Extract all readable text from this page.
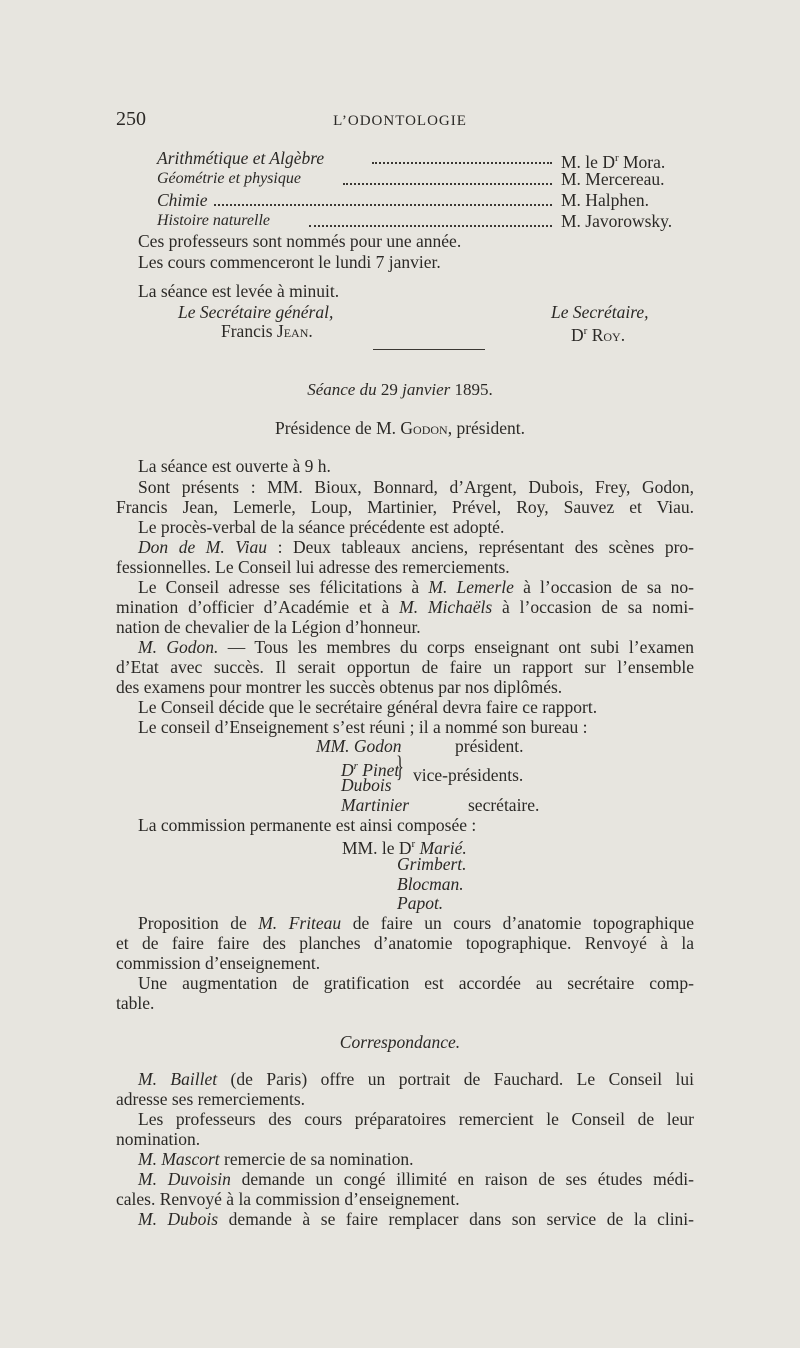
250	L’ODONTOLOGIE
Arithmétique et Algèbre	M. le $D^r$ Mora.
Géométrie et physique	M. Mercereau.
Chimie	M. Halphen.
Histoire naturelle	M. Javorowsky.
Ces professeurs sont nommés pour une année.
Les cours commenceront le lundi 7 janvier.
La séance est levée à minuit.
Le Secrétaire général,
Francis Jean.
Le Secrétaire,
$D^r$ Roy.
Séance du 29 janvier 1895.
Présidence de M. Godon, président.
La séance est ouverte à 9 h.
Sont présents : MM. Bioux, Bonnard, d’Argent, Dubois, Frey, Godon,
Francis Jean, Lemerle, Loup, Martinier, Prével, Roy, Sauvez et Viau.
Le procès-verbal de la séance précédente est adopté.
Don de M. Viau : Deux tableaux anciens, représentant des scènes pro-
fessionnelles. Le Conseil lui adresse des remerciements.
Le Conseil adresse ses félicitations à M. Lemerle à l’occasion de sa no-
mination d’officier d’Académie et à M. Michaëls à l’occasion de sa nomi-
nation de chevalier de la Légion d’honneur.
M. Godon. — Tous les membres du corps enseignant ont subi l’examen
d’Etat avec succès. Il serait opportun de faire un rapport sur l’ensemble
des examens pour montrer les succès obtenus par nos diplômés.
Le Conseil décide que le secrétaire général devra faire ce rapport.
Le conseil d’Enseignement s’est réuni ; il a nommé son bureau :
MM. Godon	président.
$D^r$ Pinet
Dubois
} vice-présidents.
Martinier	secrétaire.
La commission permanente est ainsi composée :
MM. le $D^r$ Marié.
Grimbert.
Blocman.
Papot.
Proposition de M. Friteau de faire un cours d’anatomie topographique
et de faire faire des planches d’anatomie topographique. Renvoyé à la
commission d’enseignement.
Une augmentation de gratification est accordée au secrétaire comp-
table.
Correspondance.
M. Baillet (de Paris) offre un portrait de Fauchard. Le Conseil lui
adresse ses remerciements.
Les professeurs des cours préparatoires remercient le Conseil de leur
nomination.
M. Mascort remercie de sa nomination.
M. Duvoisin demande un congé illimité en raison de ses études médi-
cales. Renvoyé à la commission d’enseignement.
M. Dubois demande à se faire remplacer dans son service de la clini-
